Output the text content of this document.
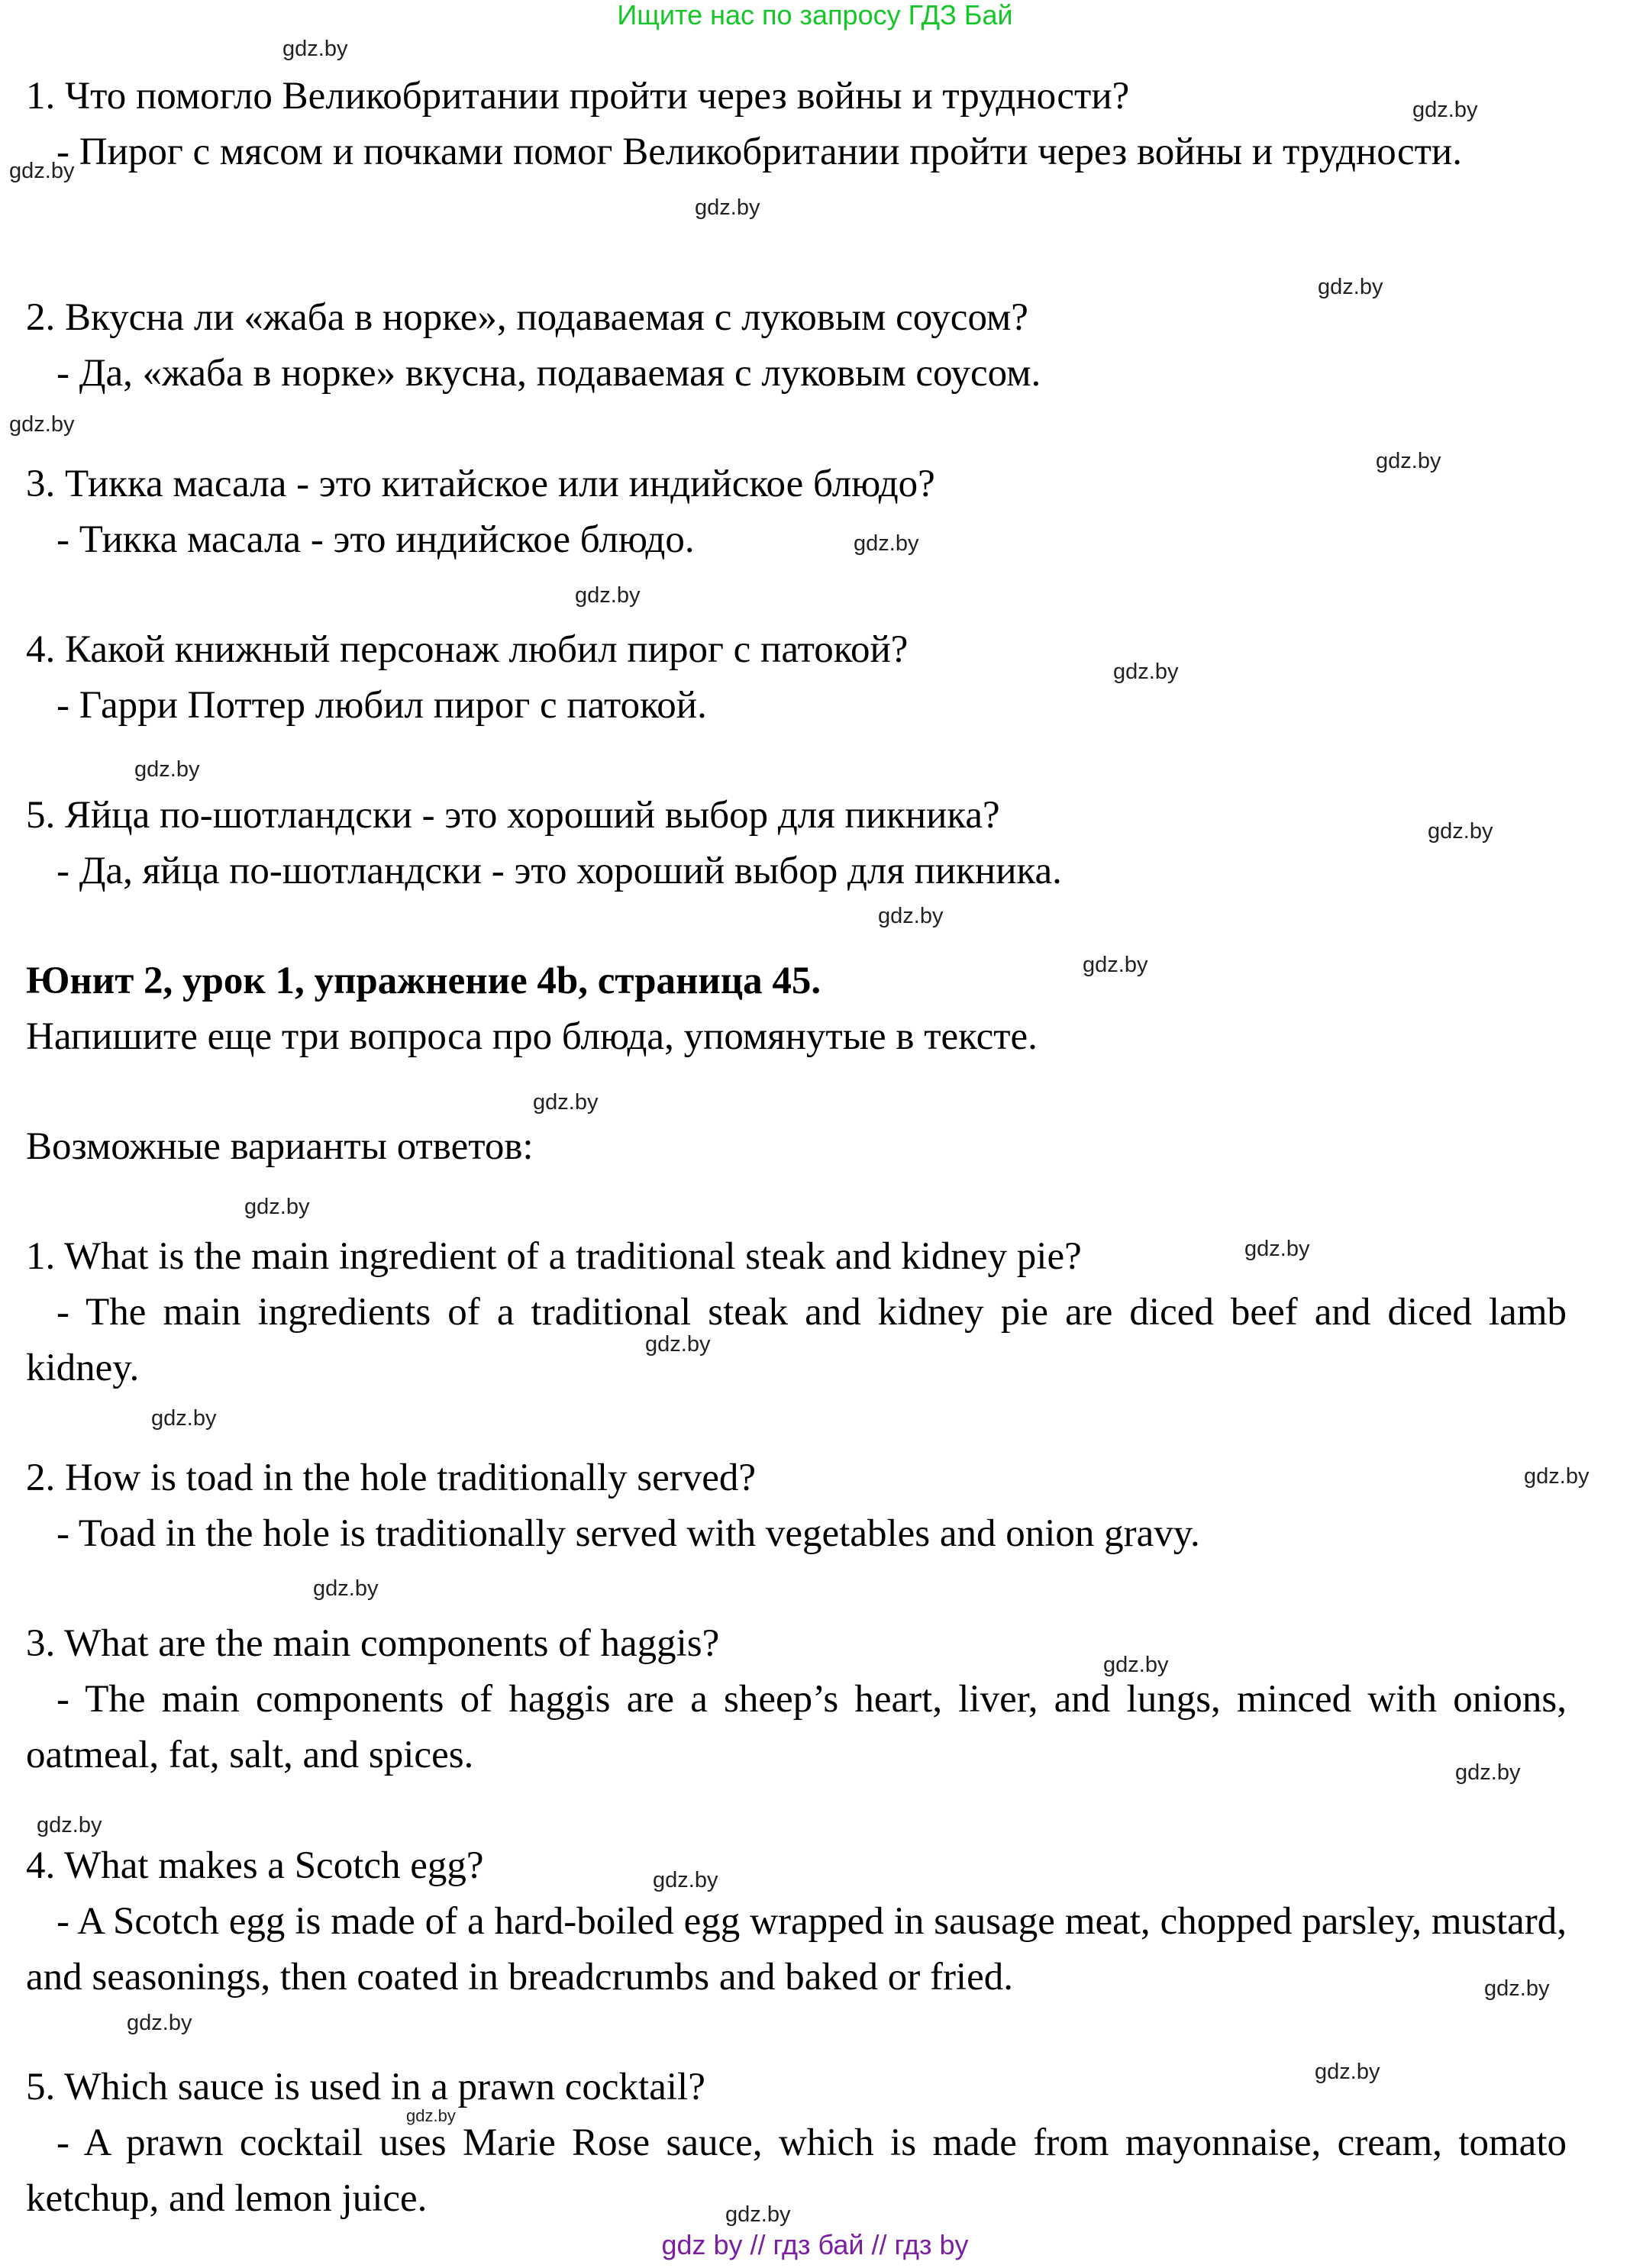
Ищите нас по запросу ГДЗ Бай
1. Что помогло Великобритании пройти через войны и трудности?
- Пирог с мясом и почками помог Великобритании пройти через войны и трудности.
2. Вкусна ли «жаба в норке», подаваемая с луковым соусом?
- Да, «жаба в норке» вкусна, подаваемая с луковым соусом.
3. Тикка масала - это китайское или индийское блюдо?
- Тикка масала - это индийское блюдо.
4. Какой книжный персонаж любил пирог с патокой?
- Гарри Поттер любил пирог с патокой.
5. Яйца по-шотландски - это хороший выбор для пикника?
- Да, яйца по-шотландски - это хороший выбор для пикника.
Юнит 2, урок 1, упражнение 4b, страница 45.
Напишите еще три вопроса про блюда, упомянутые в тексте.
Возможные варианты ответов:
1. What is the main ingredient of a traditional steak and kidney pie?
- The main ingredients of a traditional steak and kidney pie are diced beef and diced lamb kidney.
2. How is toad in the hole traditionally served?
- Toad in the hole is traditionally served with vegetables and onion gravy.
3. What are the main components of haggis?
- The main components of haggis are a sheep’s heart, liver, and lungs, minced with onions, oatmeal, fat, salt, and spices.
4. What makes a Scotch egg?
- A Scotch egg is made of a hard-boiled egg wrapped in sausage meat, chopped parsley, mustard, and seasonings, then coated in breadcrumbs and baked or fried.
5. Which sauce is used in a prawn cocktail?
- A prawn cocktail uses Marie Rose sauce, which is made from mayonnaise, cream, tomato ketchup, and lemon juice.
gdz.by
gdz.by
gdz.by
gdz.by
gdz.by
gdz.by
gdz.by
gdz.by
gdz.by
gdz.by
gdz.by
gdz.by
gdz.by
gdz.by
gdz.by
gdz.by
gdz.by
gdz.by
gdz.by
gdz.by
gdz.by
gdz.by
gdz.by
gdz.by
gdz.by
gdz.by
gdz.by
gdz.by
gdz.by
gdz.by
gdz by // гдз бай // гдз by
